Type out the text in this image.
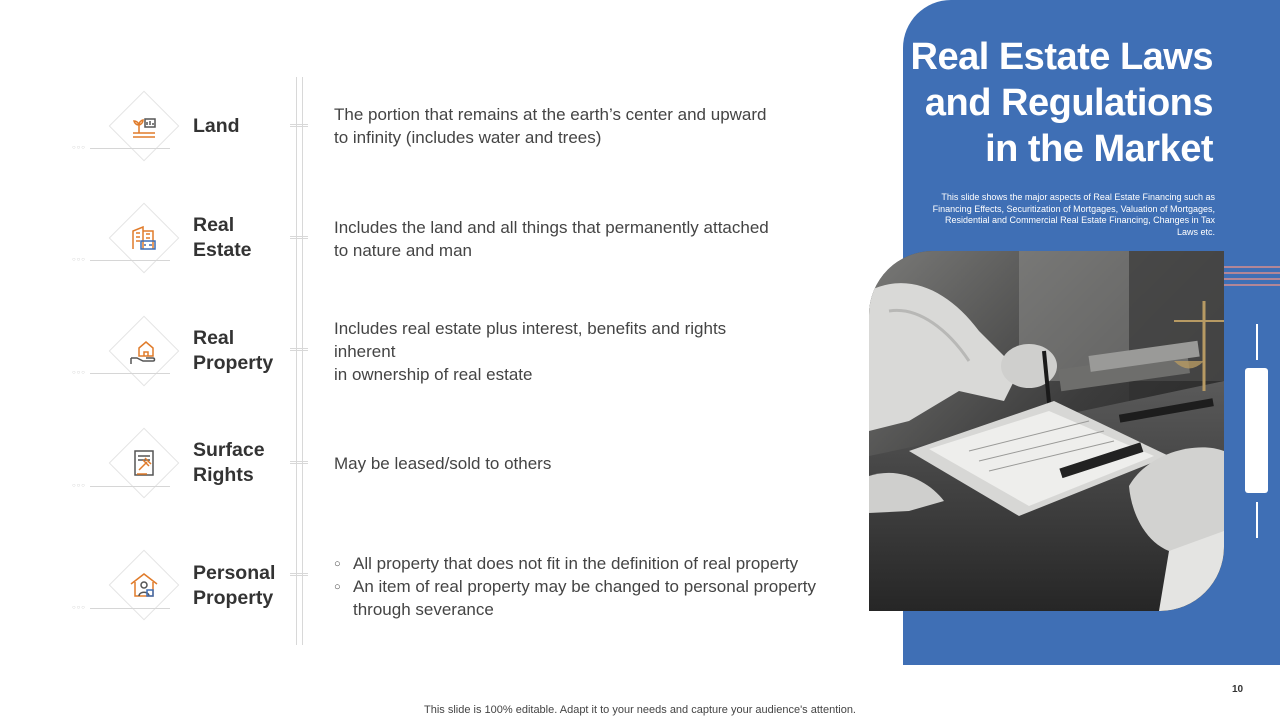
Real Estate Laws
and Regulations
in the Market
This slide shows the major aspects of Real Estate Financing such as Financing Effects, Securitization of Mortgages, Valuation of Mortgages, Residential and Commercial Real Estate Financing, Changes in Tax Laws etc.
○○○
Land
The portion that remains at the earth’s center and upward
to infinity (includes water and trees)
○○○
Real
Estate
Includes the land and all things that permanently attached
to nature and man
○○○
Real
Property
Includes real estate plus interest, benefits and rights
inherent
in ownership of real estate
○○○
Surface
Rights
May be leased/sold to others
○○○
Personal
Property
○ All property that does not fit in the definition of real property
○ An item of real property may be changed to personal property through severance
10
This slide is 100% editable. Adapt it to your needs and capture your audience's attention.
